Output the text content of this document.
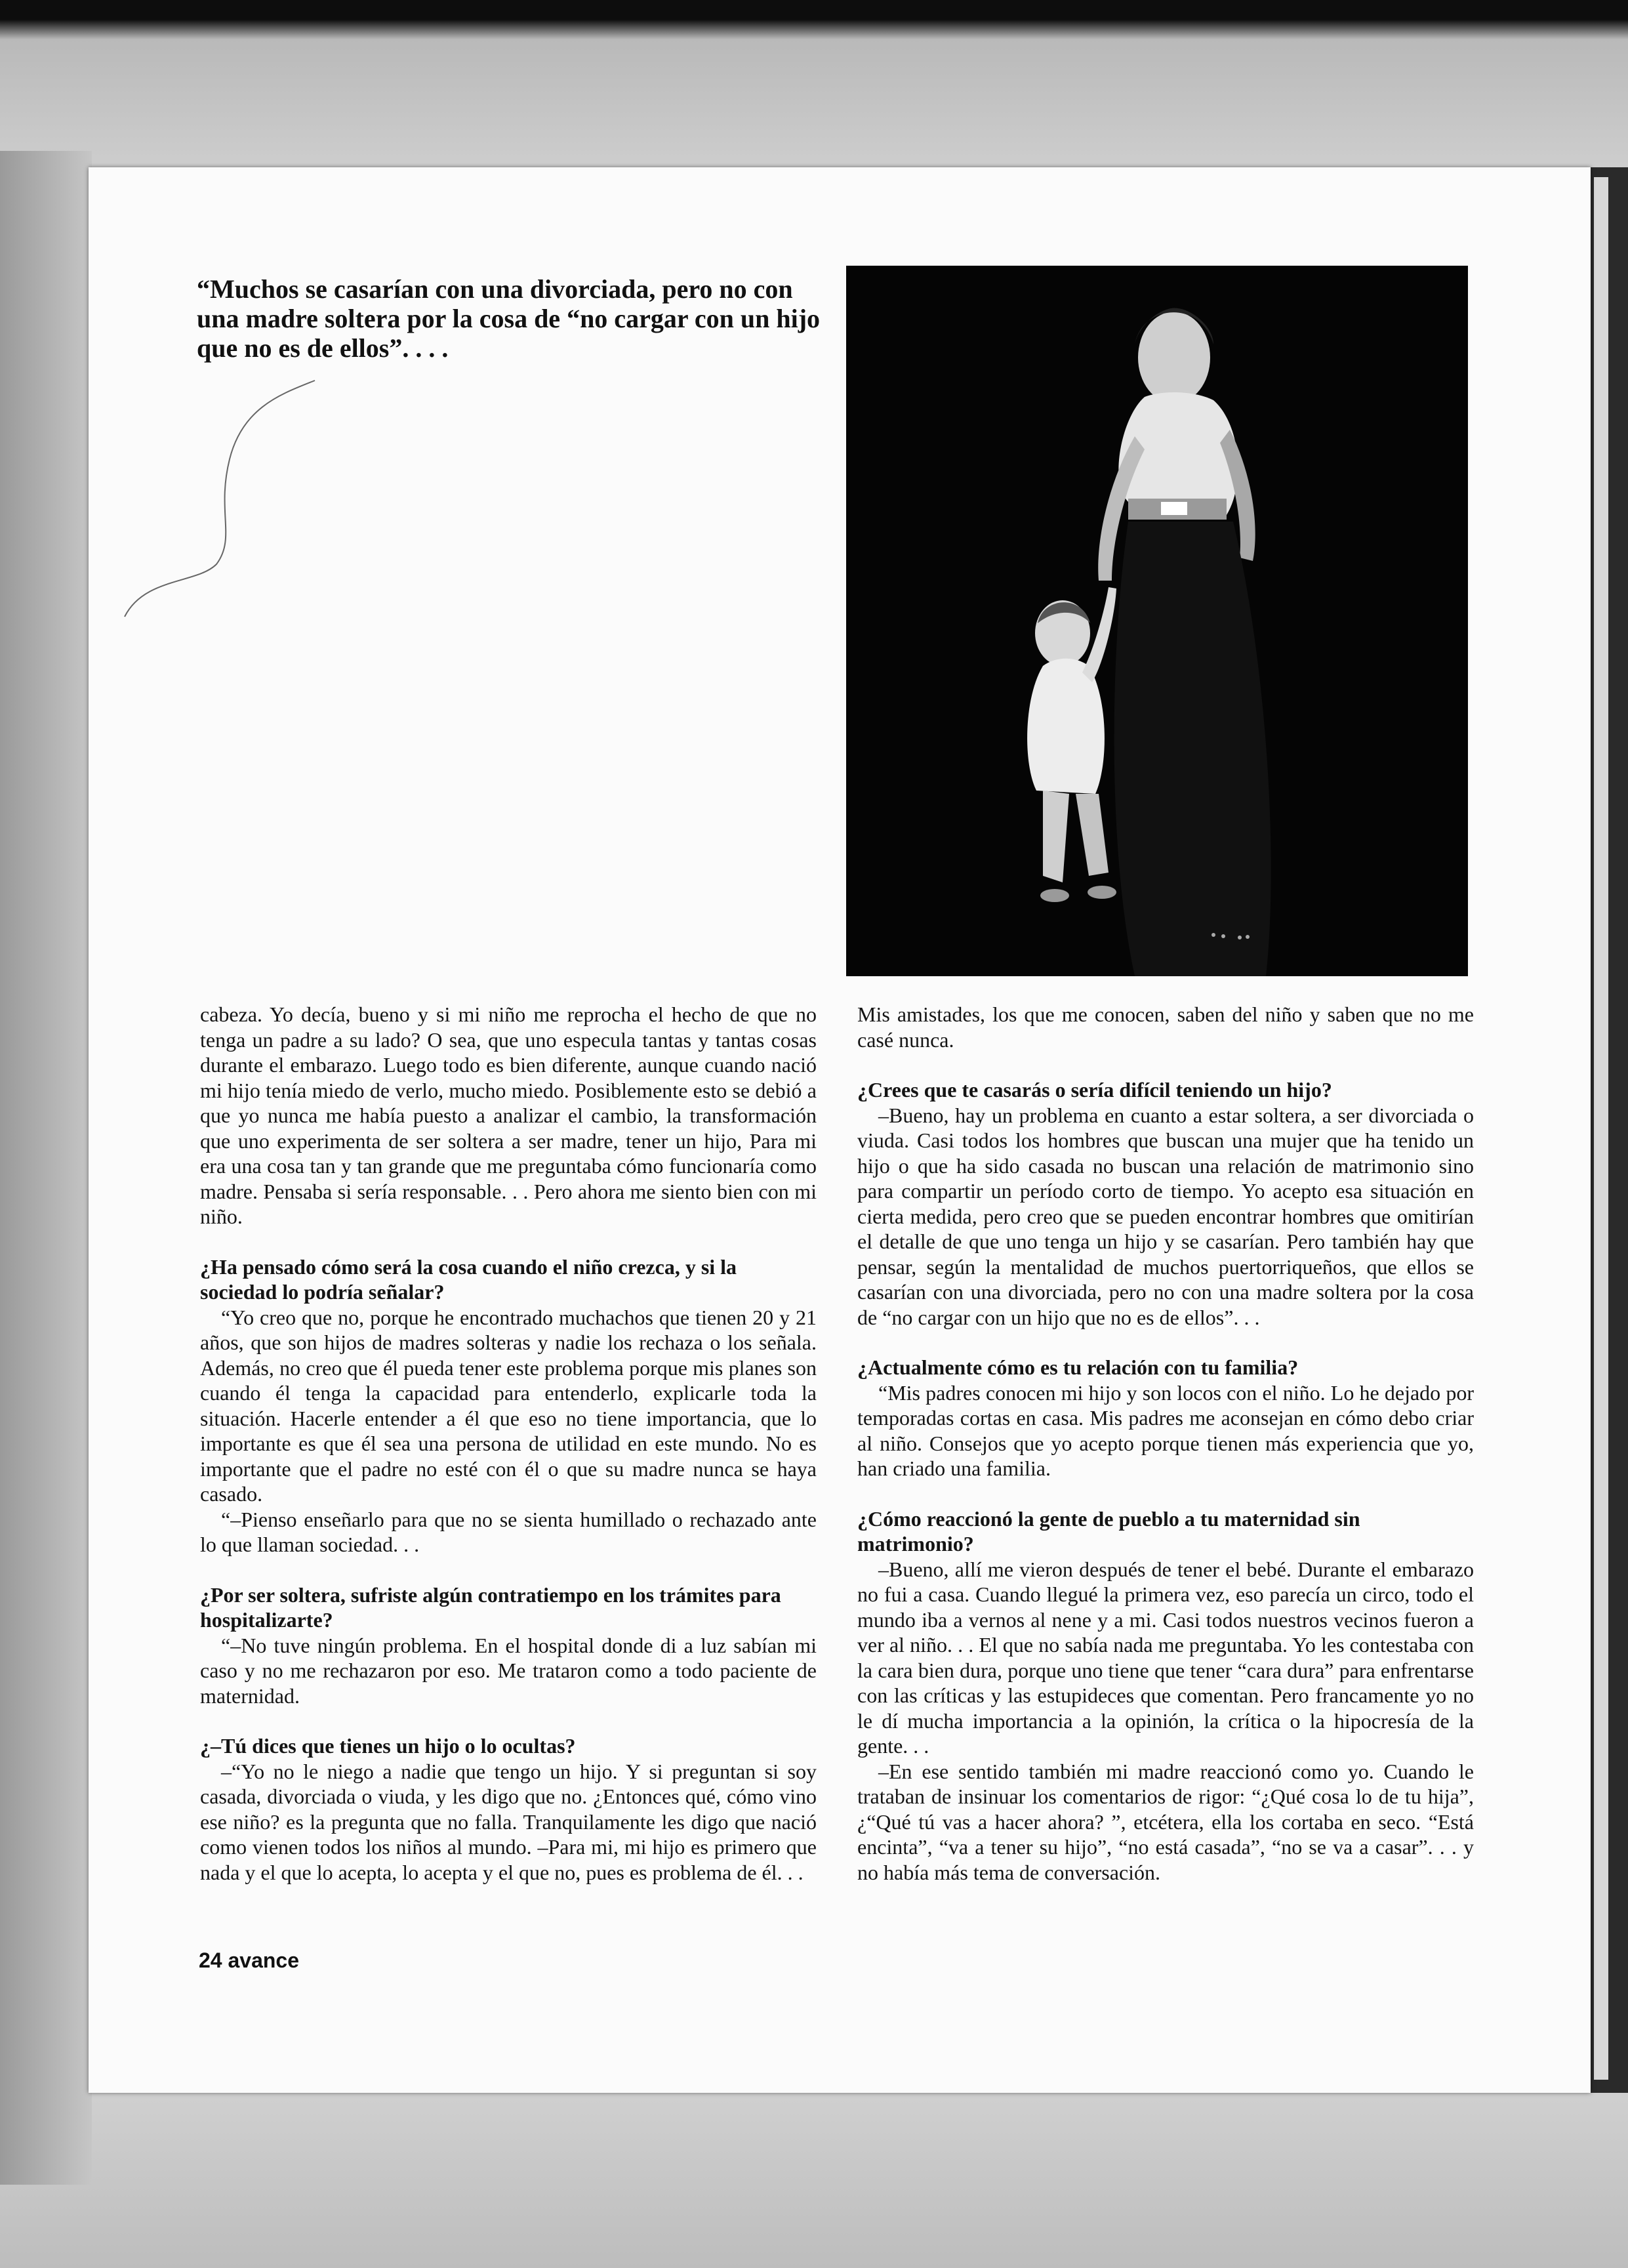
“Muchos se casarían con una divorciada, pero no con una madre soltera por la cosa de “no cargar con un hijo que no es de ellos”. . . .

cabeza. Yo decía, bueno y si mi niño me reprocha el hecho de que no tenga un padre a su lado? O sea, que uno especula tantas y tantas cosas durante el embarazo. Luego todo es bien diferente, aunque cuando nació mi hijo tenía miedo de verlo, mucho miedo. Posiblemente esto se debió a que yo nunca me había puesto a analizar el cambio, la transformación que uno experimenta de ser soltera a ser madre, tener un hijo, Para mi era una cosa tan y tan grande que me preguntaba cómo funcionaría como madre. Pensaba si sería responsable. . . Pero ahora me siento bien con mi niño.

¿Ha pensado cómo será la cosa cuando el niño crezca, y si la sociedad lo podría señalar?

“Yo creo que no, porque he encontrado muchachos que tienen 20 y 21 años, que son hijos de madres solteras y nadie los rechaza o los señala. Además, no creo que él pueda tener este problema porque mis planes son cuando él tenga la capacidad para entenderlo, explicarle toda la situación. Hacerle entender a él que eso no tiene importancia, que lo importante es que él sea una persona de utilidad en este mundo. No es importante que el padre no esté con él o que su madre nunca se haya casado.

“–Pienso enseñarlo para que no se sienta humillado o rechazado ante lo que llaman sociedad. . .

¿Por ser soltera, sufriste algún contratiempo en los trámites para hospitalizarte?

“–No tuve ningún problema. En el hospital donde di a luz sabían mi caso y no me rechazaron por eso. Me trataron como a todo paciente de maternidad.

¿–Tú dices que tienes un hijo o lo ocultas?

–“Yo no le niego a nadie que tengo un hijo. Y si preguntan si soy casada, divorciada o viuda, y les digo que no. ¿Entonces qué, cómo vino ese niño? es la pregunta que no falla. Tranquilamente les digo que nació como vienen todos los niños al mundo. –Para mi, mi hijo es primero que nada y el que lo acepta, lo acepta y el que no, pues es problema de él. . .

Mis amistades, los que me conocen, saben del niño y saben que no me casé nunca.

¿Crees que te casarás o sería difícil teniendo un hijo?

–Bueno, hay un problema en cuanto a estar soltera, a ser divorciada o viuda. Casi todos los hombres que buscan una mujer que ha tenido un hijo o que ha sido casada no buscan una relación de matrimonio sino para compartir un período corto de tiempo. Yo acepto esa situación en cierta medida, pero creo que se pueden encontrar hombres que omitirían el detalle de que uno tenga un hijo y se casarían. Pero también hay que pensar, según la mentalidad de muchos puertorriqueños, que ellos se casarían con una divorciada, pero no con una madre soltera por la cosa de “no cargar con un hijo que no es de ellos”. . .

¿Actualmente cómo es tu relación con tu familia?

“Mis padres conocen mi hijo y son locos con el niño. Lo he dejado por temporadas cortas en casa. Mis padres me aconsejan en cómo debo criar al niño. Consejos que yo acepto porque tienen más experiencia que yo, han criado una familia.

¿Cómo reaccionó la gente de pueblo a tu maternidad sin matrimonio?

–Bueno, allí me vieron después de tener el bebé. Durante el embarazo no fui a casa. Cuando llegué la primera vez, eso parecía un circo, todo el mundo iba a vernos al nene y a mi. Casi todos nuestros vecinos fueron a ver al niño. . . El que no sabía nada me preguntaba. Yo les contestaba con la cara bien dura, porque uno tiene que tener “cara dura” para enfrentarse con las críticas y las estupideces que comentan. Pero francamente yo no le dí mucha importancia a la opinión, la crítica o la hipocresía de la gente. . .

–En ese sentido también mi madre reaccionó como yo. Cuando le trataban de insinuar los comentarios de rigor: “¿Qué cosa lo de tu hija”, ¿“Qué tú vas a hacer ahora? ”, etcétera, ella los cortaba en seco. “Está encinta”, “va a tener su hijo”, “no está casada”, “no se va a casar”. . . y no había más tema de conversación.

24 avance
